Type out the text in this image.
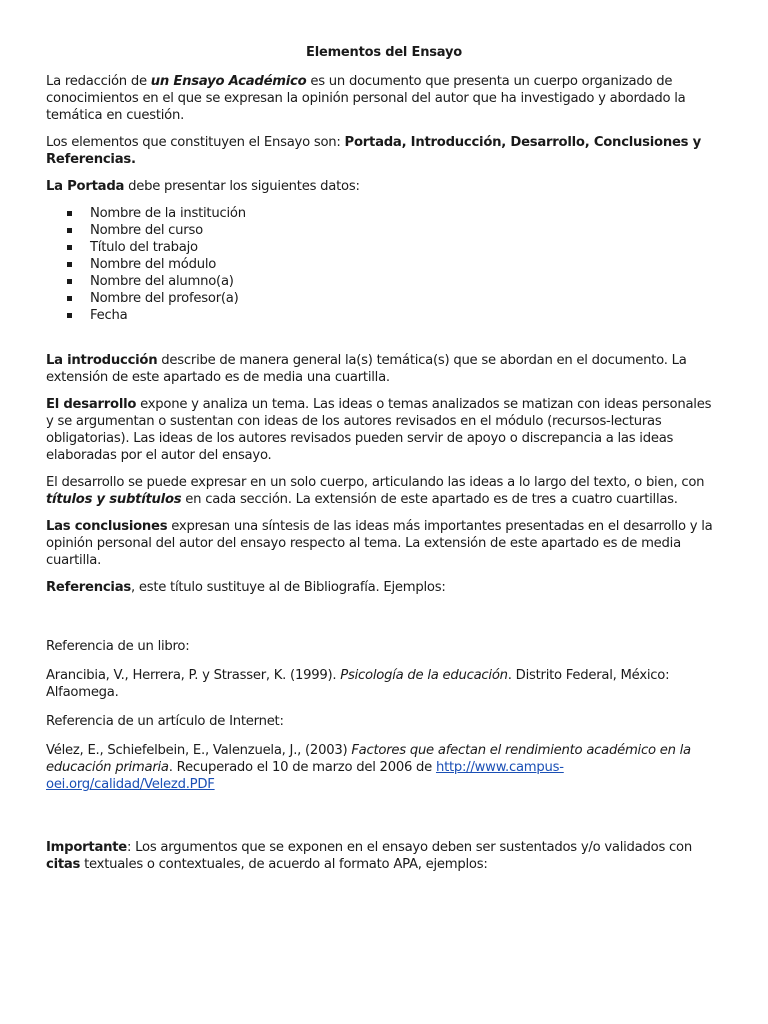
Elementos del Ensayo

La redacción de un Ensayo Académico es un documento que presenta un cuerpo organizado de conocimientos en el que se expresan la opinión personal del autor que ha investigado y abordado la temática en cuestión.

Los elementos que constituyen el Ensayo son: Portada, Introducción, Desarrollo, Conclusiones y Referencias.

La Portada debe presentar los siguientes datos:

Nombre de la institución
Nombre del curso
Título del trabajo
Nombre del módulo
Nombre del alumno(a)
Nombre del profesor(a)
Fecha

La introducción describe de manera general la(s) temática(s) que se abordan en el documento. La extensión de este apartado es de media una cuartilla.

El desarrollo expone y analiza un tema. Las ideas o temas analizados se matizan con ideas personales y se argumentan o sustentan con ideas de los autores revisados en el módulo (recursos-lecturas obligatorias). Las ideas de los autores revisados pueden servir de apoyo o discrepancia a las ideas elaboradas por el autor del ensayo.

El desarrollo se puede expresar en un solo cuerpo, articulando las ideas a lo largo del texto, o bien, con títulos y subtítulos en cada sección. La extensión de este apartado es de tres a cuatro cuartillas.

Las conclusiones expresan una síntesis de las ideas más importantes presentadas en el desarrollo y la opinión personal del autor del ensayo respecto al tema. La extensión de este apartado es de media cuartilla.

Referencias, este título sustituye al de Bibliografía. Ejemplos:

Referencia de un libro:

Arancibia, V., Herrera, P. y Strasser, K. (1999). Psicología de la educación. Distrito Federal, México: Alfaomega.

Referencia de un artículo de Internet:

Vélez, E., Schiefelbein, E., Valenzuela, J., (2003) Factores que afectan el rendimiento académico en la educación primaria. Recuperado el 10 de marzo del 2006 de http://www.campus-oei.org/calidad/Velezd.PDF

Importante: Los argumentos que se exponen en el ensayo deben ser sustentados y/o validados con citas textuales o contextuales, de acuerdo al formato APA, ejemplos:
